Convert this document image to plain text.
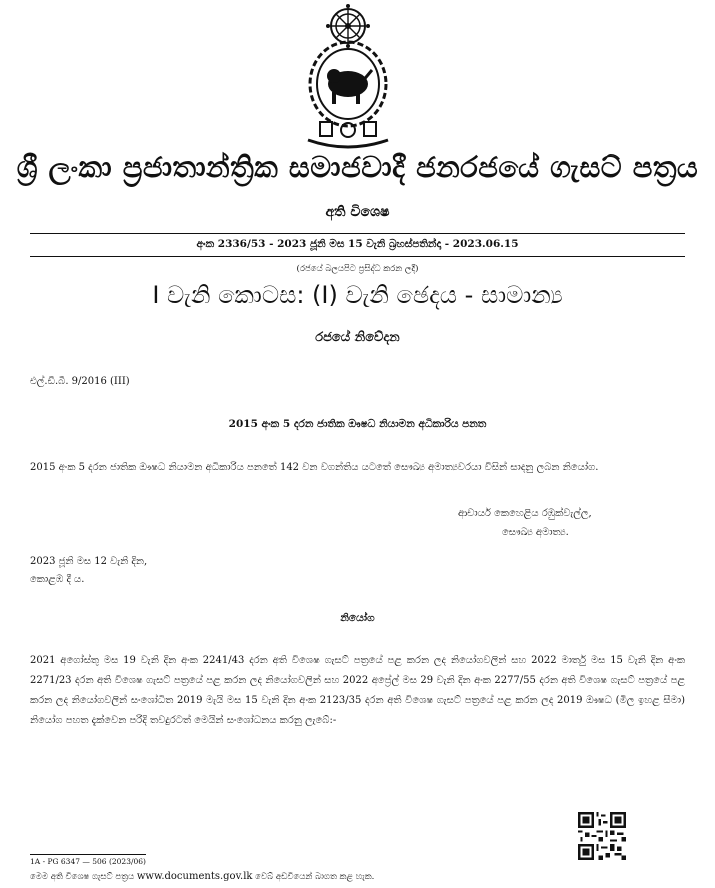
ශ්‍රී ලංකා ප්‍රජාතාන්ත්‍රික සමාජවාදී ජනරජයේ ගැසට් පත්‍රය
අති විශෙෂ
අංක 2336/53 - 2023 ජූනි මස 15 වැනි බ්‍රහස්පතින්දා - 2023.06.15
(රජයේ බලයපිට ප්‍රසිද්ධ කරන ලදී)
I වැනි කොටස: (I) වැනි ඡෙදය - සාමාන්‍ය
රජයේ නිවේදන
එල්.ඩී.බී. 9/2016 (III)
2015 අංක 5 දරන ජාතික ඖෂධ නියාමන අධිකාරිය පනත
2015 අංක 5 දරන ජාතික ඖෂධ නියාමන අධිකාරිය පනතේ 142 වන වගන්තිය යටතේ සෞඛ්‍ය අමාත්‍යවරයා විසින් සාදනු ලබන නියෝග.
ආචාර්ය කෙහෙළිය රඹුක්වැල්ල,
සෞඛ්‍ය අමාත්‍ය.
2023 ජූනි මස 12 වැනි දින,
කොළඹ දී ය.
නියෝග
2021 අගෝස්තු මස 19 වැනි දින අංක 2241/43 දරන අති විශෙෂ ගැසට් පත්‍රයේ පළ කරන ලද නියෝගවලින් සහ 2022 මාර්තු මස 15 වැනි දින අංක 2271/23 දරන අති විශෙෂ ගැසට් පත්‍රයේ පළ කරන ලද නියෝගවලින් සහ 2022 අප්‍රේල් මස 29 වැනි දින අංක 2277/55 දරන අති විශෙෂ ගැසට් පත්‍රයේ පළ කරන ලද නියෝගවලින් සංශෝධිත 2019 මැයි මස 15 වැනි දින අංක 2123/35 දරන අති විශෙෂ ගැසට් පත්‍රයේ පළ කරන ලද 2019 ඖෂධ (මිල ඉහළ සීමා) නියෝග පහත දැක්වෙන පරිදි තවදුරටත් මෙයින් සංශෝධනය කරනු ලැබේ:-
1A - PG 6347 — 506 (2023/06)
මෙම අති විශෙෂ ගැසට් පත්‍රය www.documents.gov.lk වෙබ් අඩවියෙන් බාගත කළ හැක.
